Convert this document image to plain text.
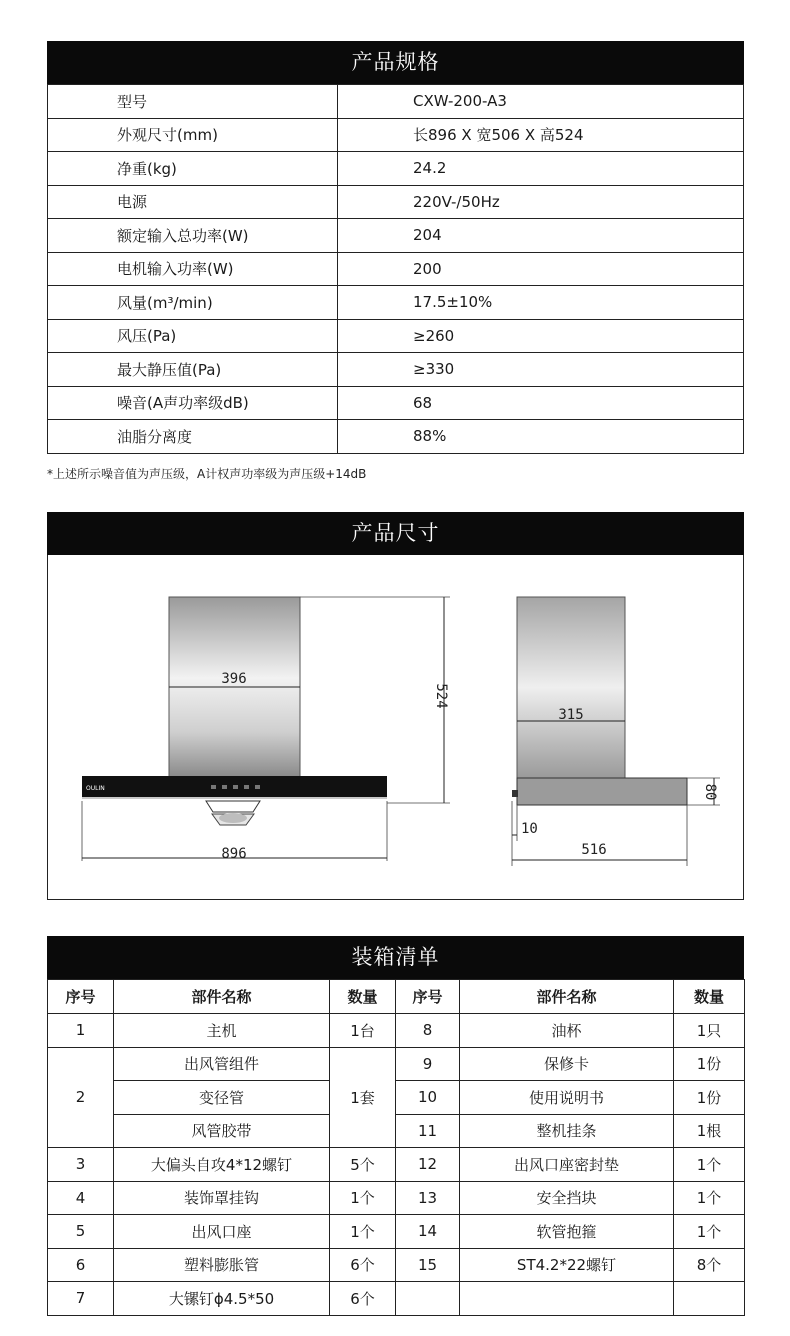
产品规格
型号	CXW-200-A3
外观尺寸(mm)	长896 X 宽506 X 高524
净重(kg)	24.2
电源	220V-/50Hz
额定输入总功率(W)	204
电机输入功率(W)	200
风量(m³/min)	17.5±10%
风压(Pa)	≥260
最大静压值(Pa)	≥330
噪音(A声功率级dB)	68
油脂分离度	88%
*上述所示噪音值为声压级，A计权声功率级为声压级+14dB
产品尺寸
OULIN
396
524
896
315
80
10
516
装箱清单
序号	部件名称	数量	序号	部件名称	数量
1	主机	1台	8	油杯	1只
2	出风管组件	1套	9	保修卡	1份
	变径管		10	使用说明书	1份
	风管胶带		11	整机挂条	1根
3	大偏头自攻4*12螺钉	5个	12	出风口座密封垫	1个
4	装饰罩挂钩	1个	13	安全挡块	1个
5	出风口座	1个	14	软管抱箍	1个
6	塑料膨胀管	6个	15	ST4.2*22螺钉	8个
7	大镙钉ϕ4.5*50	6个			
